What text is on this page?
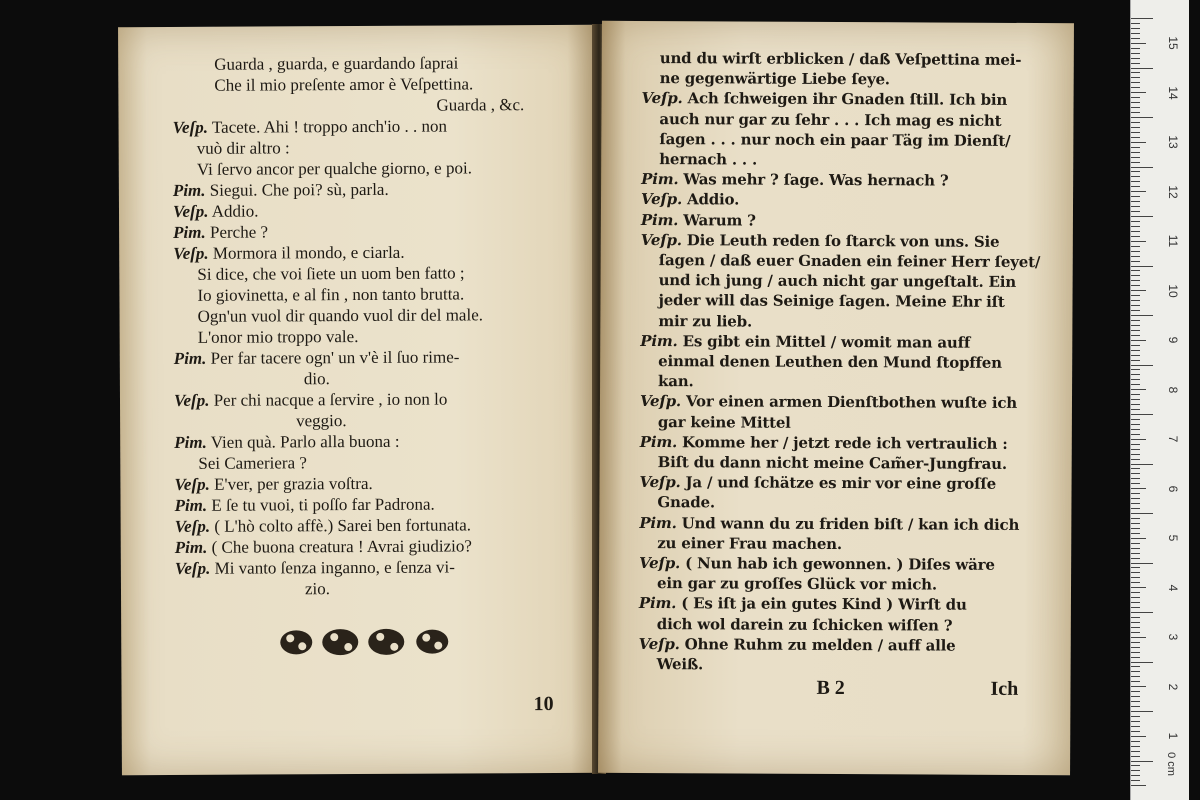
Guarda , guarda, e guardando ſaprai
Che il mio preſente amor è Veſpettina.
Guarda , &c.
Veſp. Tacete. Ahi ! troppo anch'io . . non
vuò dir altro :
Vi ſervo ancor per qualche giorno, e poi.
Pim. Siegui. Che poi? sù, parla.
Veſp. Addio.
Pim. Perche ?
Veſp. Mormora il mondo, e ciarla.
Si dice, che voi ſiete un uom ben fatto ;
Io giovinetta, e al fin , non tanto brutta.
Ogn'un vuol dir quando vuol dir del male.
L'onor mio troppo vale.
Pim. Per far tacere ogn' un v'è il ſuo rime-
dio.
Veſp. Per chi nacque a ſervire , io non lo
veggio.
Pim. Vien quà. Parlo alla buona :
Sei Cameriera ?
Veſp. E'ver, per grazia voſtra.
Pim. E ſe tu vuoi, ti poſſo far Padrona.
Veſp. ( L'hò colto affè.) Sarei ben fortunata.
Pim. ( Che buona creatura ! Avrai giudizio?
Veſp. Mi vanto ſenza inganno, e ſenza vi-
zio.
10
und du wirſt erblicken / daß Veſpettina mei-
ne gegenwärtige Liebe ſeye.
Veſp. Ach ſchweigen ihr Gnaden ſtill. Ich bin
auch nur gar zu ſehr . . . Ich mag es nicht
ſagen . . . nur noch ein paar Täg im Dienſt/
hernach . . .
Pim. Was mehr ? ſage. Was hernach ?
Veſp. Addio.
Pim. Warum ?
Veſp. Die Leuth reden ſo ſtarck von uns. Sie
ſagen / daß euer Gnaden ein feiner Herr ſeyet/
und ich jung / auch nicht gar ungeſtalt. Ein
jeder will das Seinige ſagen. Meine Ehr iſt
mir zu lieb.
Pim. Es gibt ein Mittel / womit man auff
einmal denen Leuthen den Mund ſtopffen
kan.
Veſp. Vor einen armen Dienſtbothen wuſte ich
gar keine Mittel
Pim. Komme her / jetzt rede ich vertraulich :
Biſt du dann nicht meine Cam̃er-Jungfrau.
Veſp. Ja / und ſchätze es mir vor eine groſſe
Gnade.
Pim. Und wann du zu friden biſt / kan ich dich
zu einer Frau machen.
Veſp. ( Nun hab ich gewonnen. ) Diſes wäre
ein gar zu groſſes Glück vor mich.
Pim. ( Es iſt ja ein gutes Kind ) Wirſt du
dich wol darein zu ſchicken wiſſen ?
Veſp. Ohne Ruhm zu melden / auff alle
Weiß.
B 2	Ich
0 cm
15
14
13
12
11
10
9
8
7
6
5
4
3
2
1
